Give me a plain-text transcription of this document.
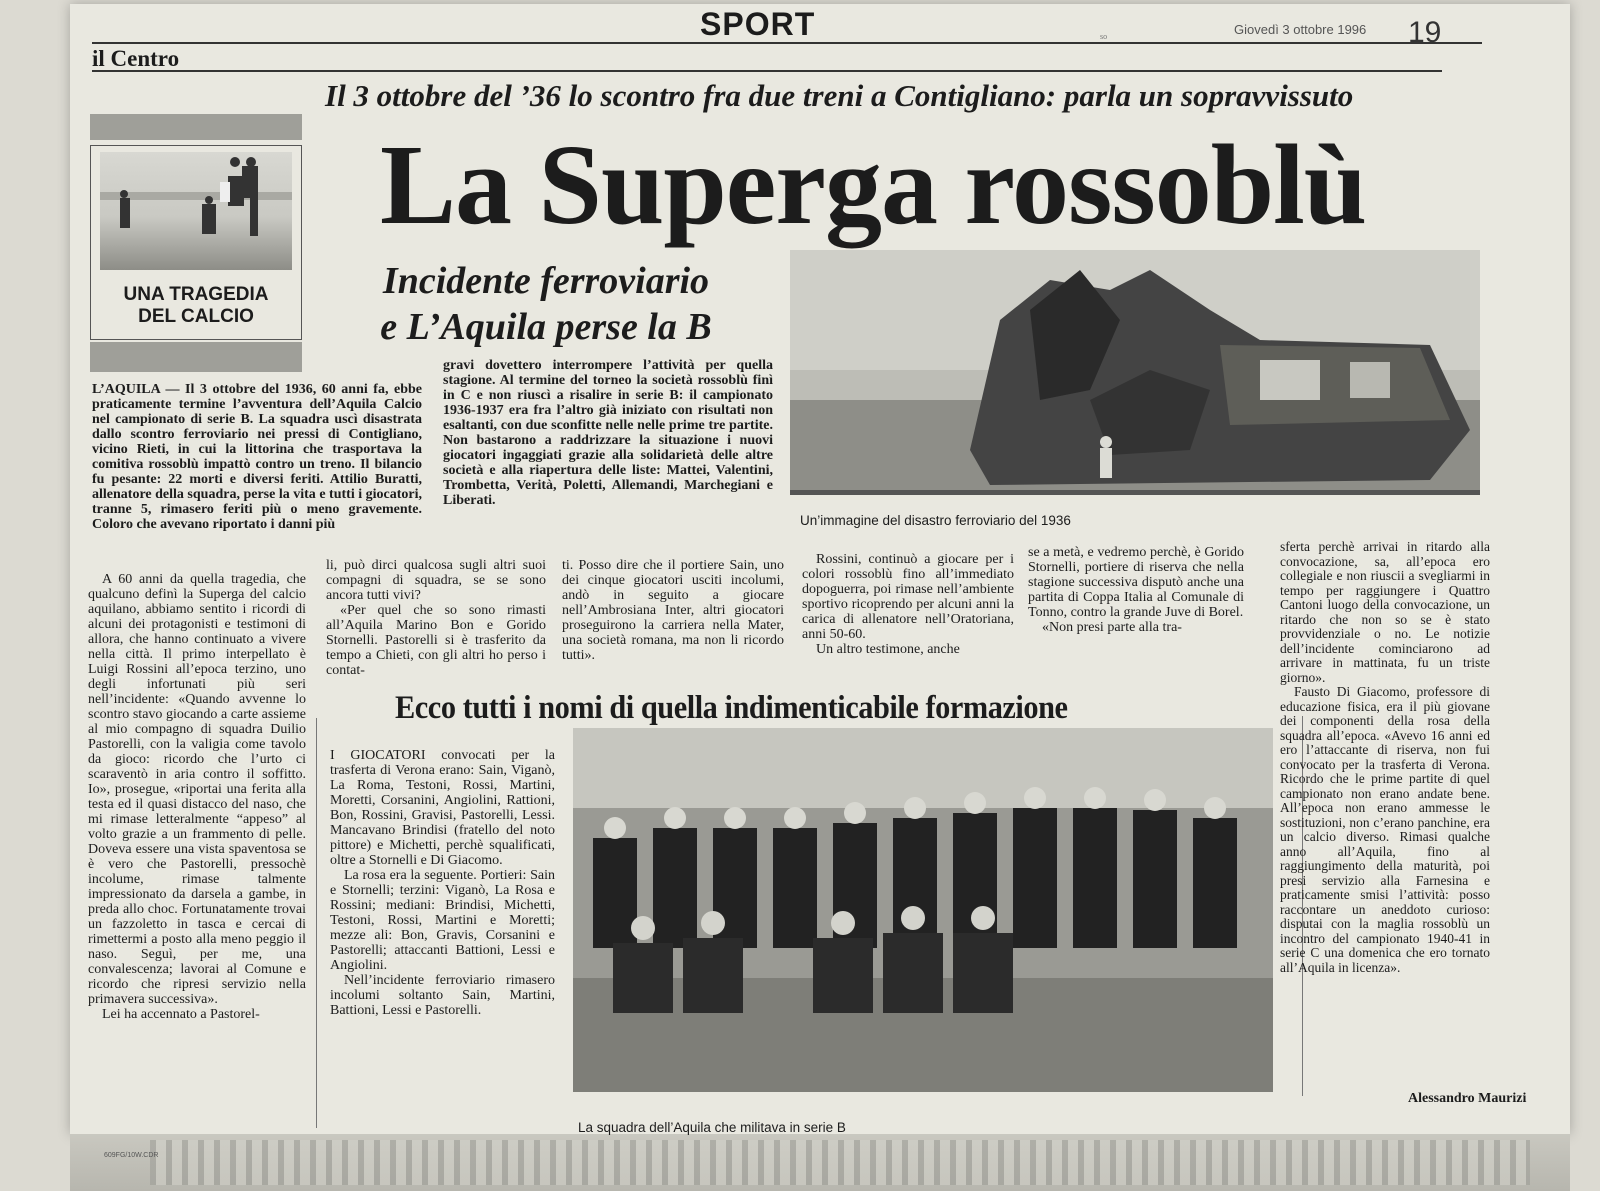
SPORT
il Centro
Giovedì 3 ottobre 1996 19
so
Il 3 ottobre del ’36 lo scontro fra due treni a Contigliano: parla un sopravvissuto
La Superga rossoblù
UNA TRAGEDIA
DEL CALCIO
Incidente ferroviario
e L’Aquila perse la B
Un’immagine del disastro ferroviario del 1936

L’AQUILA — Il 3 ottobre del 1936, 60 anni fa, ebbe praticamente termine l’avventura dell’Aquila Calcio nel campionato di serie B. La squadra uscì disastrata dallo scontro ferroviario nei pressi di Contigliano, vicino Rieti, in cui la littorina che trasportava la comitiva rossoblù impattò contro un treno. Il bilancio fu pesante: 22 morti e diversi feriti. Attilio Buratti, allenatore della squadra, perse la vita e tutti i giocatori, tranne 5, rimasero feriti più o meno gravemente. Coloro che avevano riportato i danni più

gravi dovettero interrompere l’attività per quella stagione. Al termine del torneo la società rossoblù finì in C e non riuscì a risalire in serie B: il campionato 1936-1937 era fra l’altro già iniziato con risultati non esaltanti, con due sconfitte nelle nelle prime tre partite. Non bastarono a raddrizzare la situazione i nuovi giocatori ingaggiati grazie alla solidarietà delle altre società e alla riapertura delle liste: Mattei, Valentini, Trombetta, Verità, Poletti, Allemandi, Marchegiani e Liberati.

A 60 anni da quella tragedia, che qualcuno definì la Superga del calcio aquilano, abbiamo sentito i ricordi di alcuni dei protagonisti e testimoni di allora, che hanno continuato a vivere nella città. Il primo interpellato è Luigi Rossini all’epoca terzino, uno degli infortunati più seri nell’incidente: «Quando avvenne lo scontro stavo giocando a carte assieme al mio compagno di squadra Duilio Pastorelli, con la valigia come tavolo da gioco: ricordo che l’urto ci scaraventò in aria contro il soffitto. Io», prosegue, «riportai una ferita alla testa ed il quasi distacco del naso, che mi rimase letteralmente “appeso” al volto grazie a un frammento di pelle. Doveva essere una vista spaventosa se è vero che Pastorelli, pressochè incolume, rimase talmente impressionato da darsela a gambe, in preda allo choc. Fortunatamente trovai un fazzoletto in tasca e cercai di rimettermi a posto alla meno peggio il naso. Seguì, per me, una convalescenza; lavorai al Comune e ricordo che ripresi servizio nella primavera successiva».

Lei ha accennato a Pastorel-

li, può dirci qualcosa sugli altri suoi compagni di squadra, se se sono ancora tutti vivi?

«Per quel che so sono rimasti all’Aquila Marino Bon e Gorido Stornelli. Pastorelli si è trasferito da tempo a Chieti, con gli altri ho perso i contat-

ti. Posso dire che il portiere Sain, uno dei cinque giocatori usciti incolumi, andò in seguito a giocare nell’Ambrosiana Inter, altri giocatori proseguirono la carriera nella Mater, una società romana, ma non li ricordo tutti».

Rossini, continuò a giocare per i colori rossoblù fino all’immediato dopoguerra, poi rimase nell’ambiente sportivo ricoprendo per alcuni anni la carica di allenatore nell’Oratoriana, anni 50-60.

Un altro testimone, anche

se a metà, e vedremo perchè, è Gorido Stornelli, portiere di riserva che nella stagione successiva disputò anche una partita di Coppa Italia al Comunale di Tonno, contro la grande Juve di Borel.

«Non presi parte alla tra-

sferta perchè arrivai in ritardo alla convocazione, sa, all’epoca ero collegiale e non riuscii a svegliarmi in tempo per raggiungere i Quattro Cantoni luogo della convocazione, un ritardo che non so se è stato provvidenziale o no. Le notizie dell’incidente cominciarono ad arrivare in mattinata, fu un triste giorno».

Fausto Di Giacomo, professore di educazione fisica, era il più giovane dei componenti della rosa della squadra all’epoca. «Avevo 16 anni ed ero l’attaccante di riserva, non fui convocato per la trasferta di Verona. Ricordo che le prime partite di quel campionato non erano andate bene. All’epoca non erano ammesse le sostituzioni, non c’erano panchine, era un calcio diverso. Rimasi qualche anno all’Aquila, fino al raggiungimento della maturità, poi presi servizio alla Farnesina e praticamente smisi l’attività: posso raccontare un aneddoto curioso: disputai con la maglia rossoblù un incontro del campionato 1940-41 in serie C una domenica che ero tornato all’Aquila in licenza».

Alessandro Maurizi
Ecco tutti i nomi di quella indimenticabile formazione

I GIOCATORI convocati per la trasferta di Verona erano: Sain, Viganò, La Roma, Testoni, Rossi, Martini, Moretti, Corsanini, Angiolini, Rattioni, Bon, Rossini, Gravisi, Pastorelli, Lessi. Mancavano Brindisi (fratello del noto pittore) e Michetti, perchè squalificati, oltre a Stornelli e Di Giacomo.

La rosa era la seguente. Portieri: Sain e Stornelli; terzini: Viganò, La Rosa e Rossini; mediani: Brindisi, Michetti, Testoni, Rossi, Martini e Moretti; mezze ali: Bon, Gravis, Corsanini e Pastorelli; attaccanti Battioni, Lessi e Angiolini.

Nell’incidente ferroviario rimasero incolumi soltanto Sain, Martini, Battioni, Lessi e Pastorelli.

La squadra dell’Aquila che militava in serie B
609FG/10W.CDR
